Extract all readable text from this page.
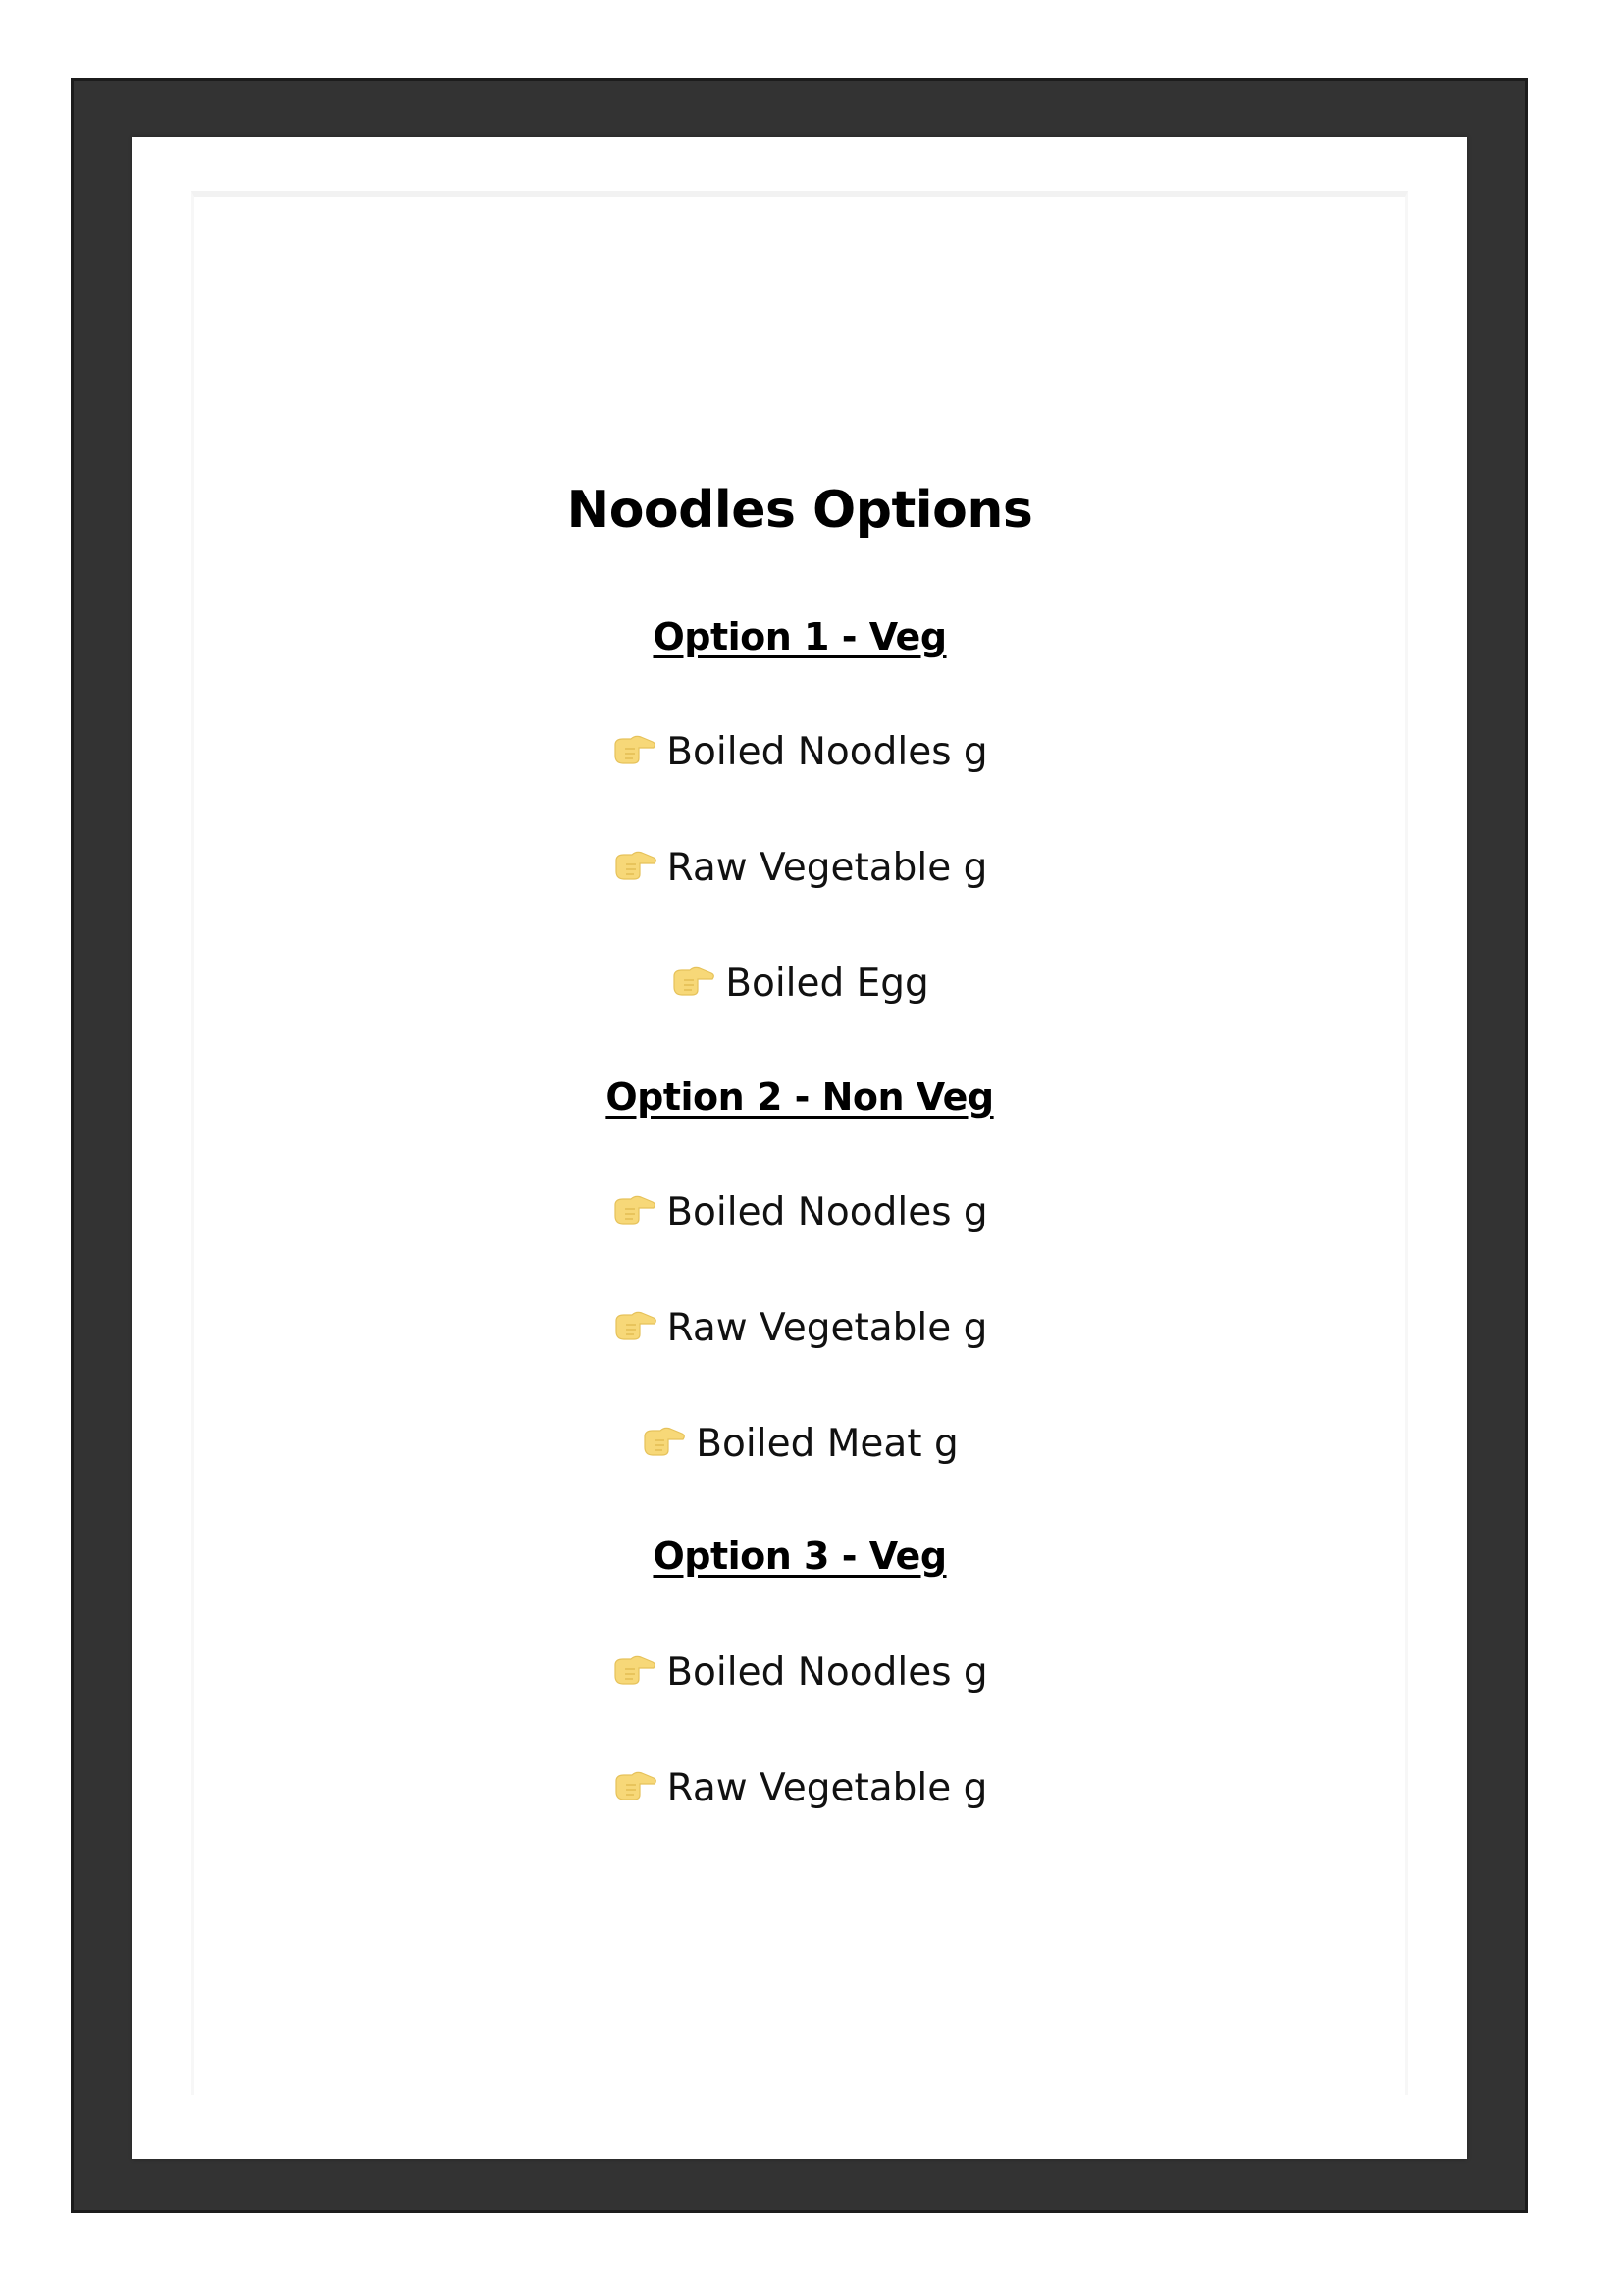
Noodles Options
Option 1 - Veg
Boiled Noodles g
Raw Vegetable g
Boiled Egg
Option 2 - Non Veg
Boiled Noodles g
Raw Vegetable g
Boiled Meat g
Option 3 - Veg
Boiled Noodles g
Raw Vegetable g
